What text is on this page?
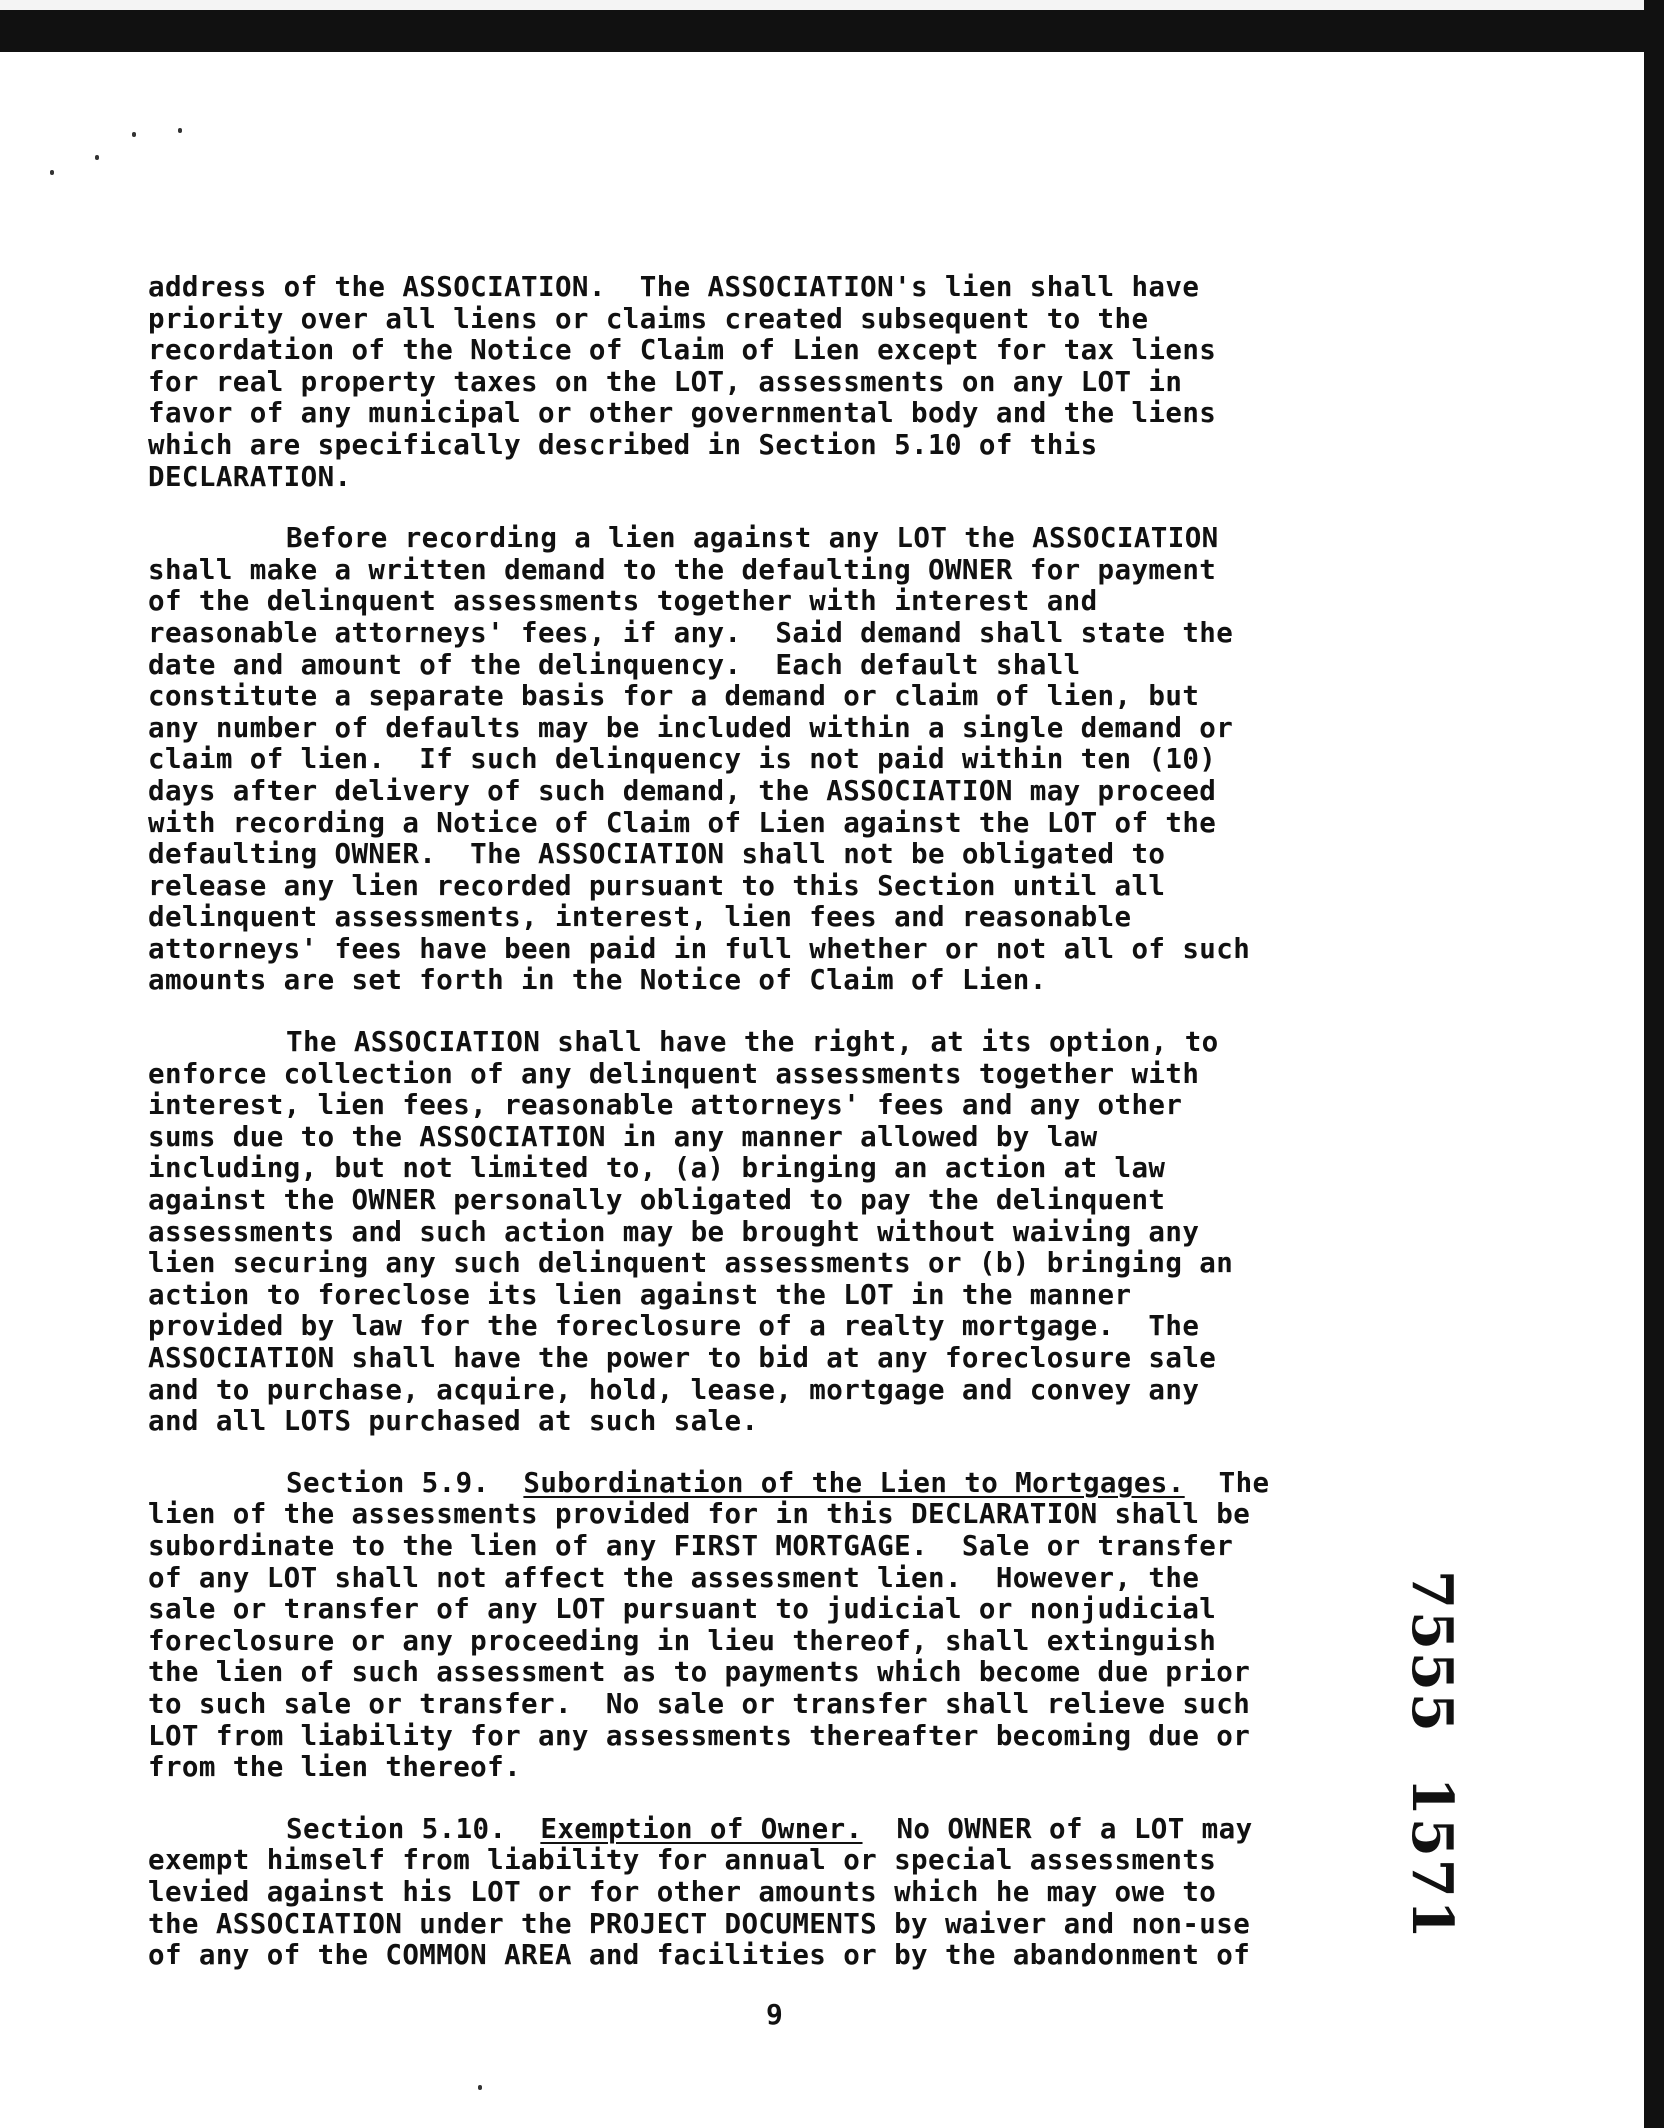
address of the ASSOCIATION.  The ASSOCIATION's lien shall have
priority over all liens or claims created subsequent to the
recordation of the Notice of Claim of Lien except for tax liens
for real property taxes on the LOT, assessments on any LOT in
favor of any municipal or other governmental body and the liens
which are specifically described in Section 5.10 of this
DECLARATION.
Before recording a lien against any LOT the ASSOCIATION
shall make a written demand to the defaulting OWNER for payment
of the delinquent assessments together with interest and
reasonable attorneys' fees, if any.  Said demand shall state the
date and amount of the delinquency.  Each default shall
constitute a separate basis for a demand or claim of lien, but
any number of defaults may be included within a single demand or
claim of lien.  If such delinquency is not paid within ten (10)
days after delivery of such demand, the ASSOCIATION may proceed
with recording a Notice of Claim of Lien against the LOT of the
defaulting OWNER.  The ASSOCIATION shall not be obligated to
release any lien recorded pursuant to this Section until all
delinquent assessments, interest, lien fees and reasonable
attorneys' fees have been paid in full whether or not all of such
amounts are set forth in the Notice of Claim of Lien.
The ASSOCIATION shall have the right, at its option, to
enforce collection of any delinquent assessments together with
interest, lien fees, reasonable attorneys' fees and any other
sums due to the ASSOCIATION in any manner allowed by law
including, but not limited to, (a) bringing an action at law
against the OWNER personally obligated to pay the delinquent
assessments and such action may be brought without waiving any
lien securing any such delinquent assessments or (b) bringing an
action to foreclose its lien against the LOT in the manner
provided by law for the foreclosure of a realty mortgage.  The
ASSOCIATION shall have the power to bid at any foreclosure sale
and to purchase, acquire, hold, lease, mortgage and convey any
and all LOTS purchased at such sale.
Section 5.9.  Subordination of the Lien to Mortgages.  The
lien of the assessments provided for in this DECLARATION shall be
subordinate to the lien of any FIRST MORTGAGE.  Sale or transfer
of any LOT shall not affect the assessment lien.  However, the
sale or transfer of any LOT pursuant to judicial or nonjudicial
foreclosure or any proceeding in lieu thereof, shall extinguish
the lien of such assessment as to payments which become due prior
to such sale or transfer.  No sale or transfer shall relieve such
LOT from liability for any assessments thereafter becoming due or
from the lien thereof.
Section 5.10.  Exemption of Owner.  No OWNER of a LOT may
exempt himself from liability for annual or special assessments
levied against his LOT or for other amounts which he may owe to
the ASSOCIATION under the PROJECT DOCUMENTS by waiver and non-use
of any of the COMMON AREA and facilities or by the abandonment of
9
7555  1571
